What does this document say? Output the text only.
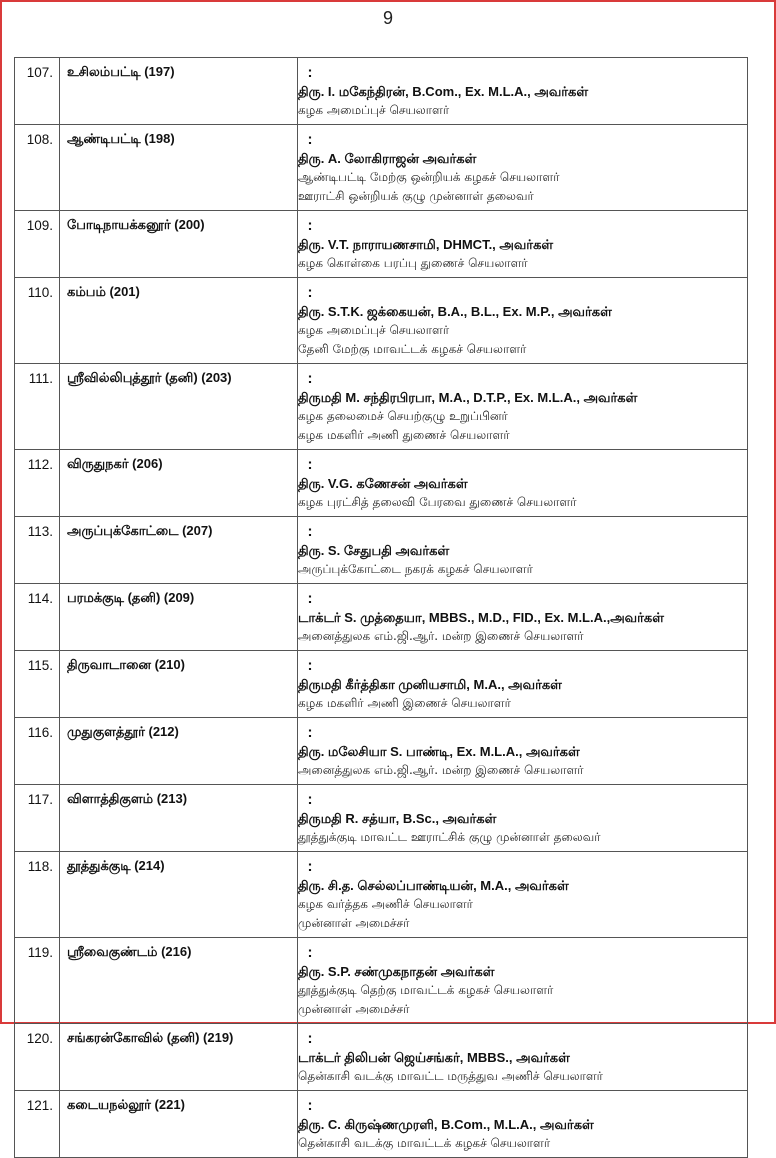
9
107.	உசிலம்பட்டி (197)	:
திரு. I. மகேந்திரன், B.Com., Ex. M.L.A., அவர்கள்
கழக அமைப்புச் செயலாளர்

108.	ஆண்டிபட்டி (198)	:
திரு. A. லோகிராஜன் அவர்கள்
ஆண்டிபட்டி மேற்கு ஒன்றியக் கழகச் செயலாளர்
ஊராட்சி ஒன்றியக் குழு முன்னாள் தலைவர்

109.	போடிநாயக்கனூர் (200)	:
திரு. V.T. நாராயணசாமி, DHMCT., அவர்கள்
கழக கொள்கை பரப்பு துணைச் செயலாளர்

110.	கம்பம் (201)	:
திரு. S.T.K. ஜக்கையன், B.A., B.L., Ex. M.P., அவர்கள்
கழக அமைப்புச் செயலாளர்
தேனி மேற்கு மாவட்டக் கழகச் செயலாளர்

111.	ஸ்ரீவில்லிபுத்தூர் (தனி) (203)	:
திருமதி M. சந்திரபிரபா, M.A., D.T.P., Ex. M.L.A., அவர்கள்
கழக தலைமைச் செயற்குழு உறுப்பினர்
கழக மகளிர் அணி துணைச் செயலாளர்

112.	விருதுநகர் (206)	:
திரு. V.G. கணேசன் அவர்கள்
கழக புரட்சித் தலைவி பேரவை துணைச் செயலாளர்

113.	அருப்புக்கோட்டை (207)	:
திரு. S. சேதுபதி அவர்கள்
அருப்புக்கோட்டை நகரக் கழகச் செயலாளர்

114.	பரமக்குடி (தனி) (209)	:
டாக்டர் S. முத்தையா, MBBS., M.D., FID., Ex. M.L.A.,அவர்கள்
அனைத்துலக எம்.ஜி.ஆர். மன்ற இணைச் செயலாளர்

115.	திருவாடானை (210)	:
திருமதி கீர்த்திகா முனியசாமி, M.A., அவர்கள்
கழக மகளிர் அணி இணைச் செயலாளர்

116.	முதுகுளத்தூர் (212)	:
திரு. மலேசியா S. பாண்டி, Ex. M.L.A., அவர்கள்
அனைத்துலக எம்.ஜி.ஆர். மன்ற இணைச் செயலாளர்

117.	விளாத்திகுளம் (213)	:
திருமதி R. சத்யா, B.Sc., அவர்கள்
தூத்துக்குடி மாவட்ட ஊராட்சிக் குழு முன்னாள் தலைவர்

118.	தூத்துக்குடி (214)	:
திரு. சி.த. செல்லப்பாண்டியன், M.A., அவர்கள்
கழக வர்த்தக அணிச் செயலாளர்
முன்னாள் அமைச்சர்

119.	ஸ்ரீவைகுண்டம் (216)	:
திரு. S.P. சண்முகநாதன் அவர்கள்
தூத்துக்குடி தெற்கு மாவட்டக் கழகச் செயலாளர்
முன்னாள் அமைச்சர்

120.	சங்கரன்கோவில் (தனி) (219)	:
டாக்டர் திலிபன் ஜெய்சங்கர், MBBS., அவர்கள்
தென்காசி வடக்கு மாவட்ட மருத்துவ அணிச் செயலாளர்

121.	கடையநல்லூர் (221)	:
திரு. C. கிருஷ்ணமுரளி, B.Com., M.L.A., அவர்கள்
தென்காசி வடக்கு மாவட்டக் கழகச் செயலாளர்
